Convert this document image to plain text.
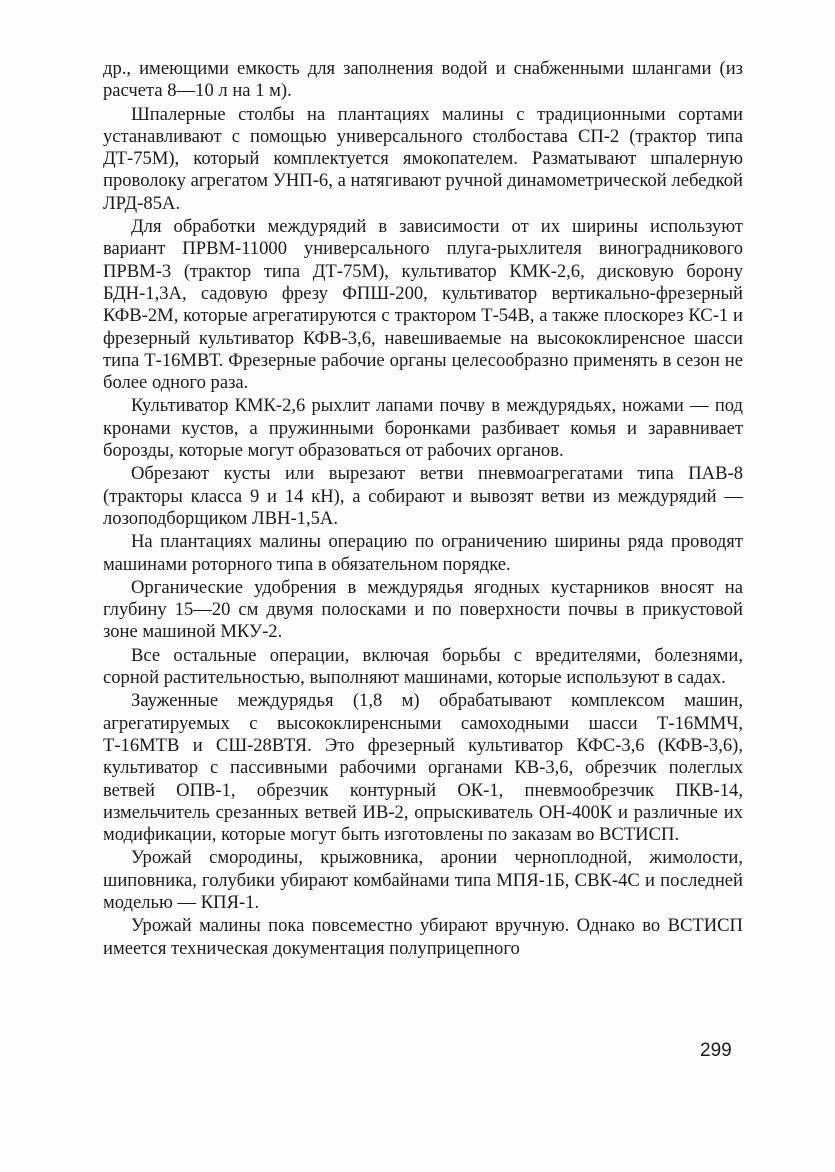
др., имеющими емкость для заполнения водой и снабженными шлангами (из расчета 8—10 л на 1 м).

Шпалерные столбы на плантациях малины с традиционными сортами устанавливают с помощью универсального столбостава СП-2 (трактор типа ДТ-75М), который комплектуется ямокопателем. Разматывают шпалерную проволоку агрегатом УНП-6, а натягивают ручной динамометрической лебедкой ЛРД-85А.

Для обработки междурядий в зависимости от их ширины используют вариант ПРВМ-11000 универсального плуга-рыхлителя виноградникового ПРВМ-3 (трактор типа ДТ-75М), культиватор КМК-2,6, дисковую борону БДН-1,3А, садовую фрезу ФПШ-200, культиватор вертикально-фрезерный КФВ-2М, которые агрегатируются с трактором Т-54В, а также плоскорез КС-1 и фрезерный культиватор КФВ-3,6, навешиваемые на высококлиренсное шасси типа Т-16МВТ. Фрезерные рабочие органы целесообразно применять в сезон не более одного раза.

Культиватор КМК-2,6 рыхлит лапами почву в междурядьях, ножами — под кронами кустов, а пружинными боронками разбивает комья и заравнивает борозды, которые могут образоваться от рабочих органов.

Обрезают кусты или вырезают ветви пневмоагрегатами типа ПАВ-8 (тракторы класса 9 и 14 кН), а собирают и вывозят ветви из междурядий — лозоподборщиком ЛВН-1,5А.

На плантациях малины операцию по ограничению ширины ряда проводят машинами роторного типа в обязательном порядке.

Органические удобрения в междурядья ягодных кустарников вносят на глубину 15—20 см двумя полосками и по поверхности почвы в прикустовой зоне машиной МКУ-2.

Все остальные операции, включая борьбы с вредителями, болезнями, сорной растительностью, выполняют машинами, которые используют в садах.

Зауженные междурядья (1,8 м) обрабатывают комплексом машин, агрегатируемых с высококлиренсными самоходными шасси Т-16ММЧ, Т-16МТВ и СШ-28ВТЯ. Это фрезерный культиватор КФС-3,6 (КФВ-3,6), культиватор с пассивными рабочими органами КВ-3,6, обрезчик полеглых ветвей ОПВ-1, обрезчик контурный ОК-1, пневмообрезчик ПКВ-14, измельчитель срезанных ветвей ИВ-2, опрыскиватель ОН-400К и различные их модификации, которые могут быть изготовлены по заказам во ВСТИСП.

Урожай смородины, крыжовника, аронии черноплодной, жимолости, шиповника, голубики убирают комбайнами типа МПЯ-1Б, СВК-4С и последней моделью — КПЯ-1.

Урожай малины пока повсеместно убирают вручную. Однако во ВСТИСП имеется техническая документация полуприцепного

299
